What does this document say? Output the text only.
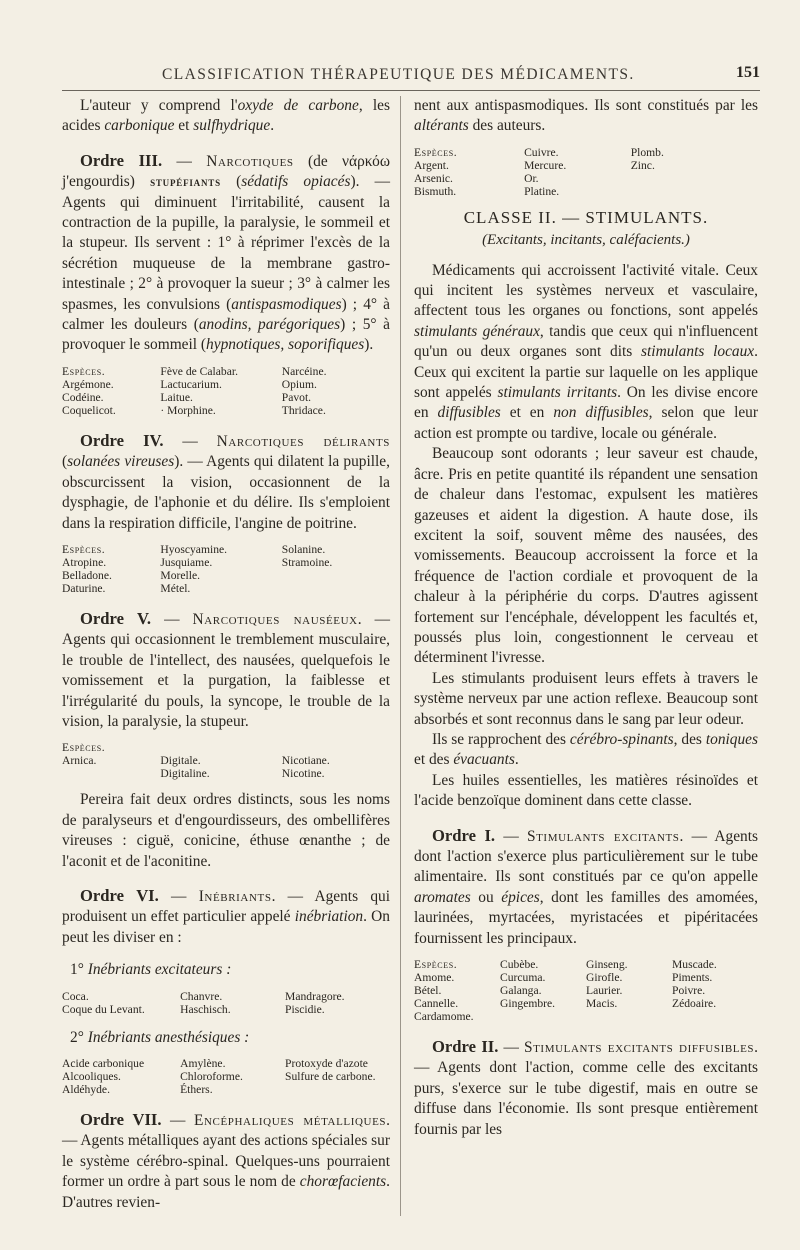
CLASSIFICATION THÉRAPEUTIQUE DES MÉDICAMENTS.	151

L'auteur y comprend l'oxyde de carbone, les acides carbonique et sulfhydrique.

Ordre III. — Narcotiques (de νάρκόω j'engourdis) stupéfiants (sédatifs opiacés). — Agents qui diminuent l'irritabilité, causent la contraction de la pupille, la paralysie, le sommeil et la stupeur. Ils servent : 1° à réprimer l'excès de la sécrétion muqueuse de la membrane gastro-intestinale ; 2° à provoquer la sueur ; 3° à calmer les spasmes, les convulsions (antispasmodiques) ; 4° à calmer les douleurs (anodins, parégoriques) ; 5° à provoquer le sommeil (hypnotiques, soporifiques).

Espèces.
Argémone.
Codéine.
Coquelicot.
Fève de Calabar.
Lactucarium.
Laitue.
· Morphine.
Narcéine.
Opium.
Pavot.
Thridace.

Ordre IV. — Narcotiques délirants (solanées vireuses). — Agents qui dilatent la pupille, obscurcissent la vision, occasionnent de la dysphagie, de l'aphonie et du délire. Ils s'emploient dans la respiration difficile, l'angine de poitrine.

Espèces.
Atropine.
Belladone.
Daturine.
Hyoscyamine.
Jusquiame.
Morelle.
Métel.
Solanine.
Stramoine.

Ordre V. — Narcotiques nauséeux. — Agents qui occasionnent le tremblement musculaire, le trouble de l'intellect, des nausées, quelquefois le vomissement et la purgation, la faiblesse et l'irrégularité du pouls, la syncope, le trouble de la vision, la paralysie, la stupeur.

Espèces.
Arnica.
	Digitale.
Digitaline.

Nicotiane.
Nicotine.

Pereira fait deux ordres distincts, sous les noms de paralyseurs et d'engourdisseurs, des ombellifères vireuses : ciguë, conicine, éthuse œnanthe ; de l'aconit et de l'aconitine.

Ordre VI. — Inébriants. — Agents qui produisent un effet particulier appelé inébriation. On peut les diviser en :

1° Inébriants excitateurs :

Coca.
Coque du Levant.
Chanvre.
Haschisch.
Mandragore.
Piscidie.

2° Inébriants anesthésiques :

Acide carbonique
Alcooliques.
Aldéhyde.
Amylène.
Chloroforme.
Éthers.
Protoxyde d'azote
Sulfure de carbone.

Ordre VII. — Encéphaliques métalliques. — Agents métalliques ayant des actions spéciales sur le système cérébro-spinal. Quelques-uns pourraient former un ordre à part sous le nom de chorœfacients. D'autres revien-

nent aux antispasmodiques. Ils sont constitués par les altérants des auteurs.

Espèces.
Argent.
Arsenic.
Bismuth.
Cuivre.
Mercure.
Or.
Platine.
Plomb.
Zinc.
CLASSE II. — STIMULANTS.
(Excitants, incitants, caléfacients.)

Médicaments qui accroissent l'activité vitale. Ceux qui incitent les systèmes nerveux et vasculaire, affectent tous les organes ou fonctions, sont appelés stimulants généraux, tandis que ceux qui n'influencent qu'un ou deux organes sont dits stimulants locaux. Ceux qui excitent la partie sur laquelle on les applique sont appelés stimulants irritants. On les divise encore en diffusibles et en non diffusibles, selon que leur action est prompte ou tardive, locale ou générale.

Beaucoup sont odorants ; leur saveur est chaude, âcre. Pris en petite quantité ils répandent une sensation de chaleur dans l'estomac, expulsent les matières gazeuses et aident la digestion. A haute dose, ils excitent la soif, souvent même des nausées, des vomissements. Beaucoup accroissent la force et la fréquence de l'action cordiale et provoquent de la chaleur à la périphérie du corps. D'autres agissent fortement sur l'encéphale, développent les facultés et, poussés plus loin, congestionnent le cerveau et déterminent l'ivresse.

Les stimulants produisent leurs effets à travers le système nerveux par une action reflexe. Beaucoup sont absorbés et sont reconnus dans le sang par leur odeur.

Ils se rapprochent des cérébro-spinants, des toniques et des évacuants.

Les huiles essentielles, les matières résinoïdes et l'acide benzoïque dominent dans cette classe.

Ordre I. — Stimulants excitants. — Agents dont l'action s'exerce plus particulièrement sur le tube alimentaire. Ils sont constitués par ce qu'on appelle aromates ou épices, dont les familles des amomées, laurinées, myrtacées, myristacées et pipéritacées fournissent les principaux.

Espèces.
Amome.
Bétel.
Cannelle.
Cardamome.
Cubèbe.
Curcuma.
Galanga.
Gingembre.
Ginseng.
Girofle.
Laurier.
Macis.
Muscade.
Piments.
Poivre.
Zédoaire.

Ordre II. — Stimulants excitants diffusibles. — Agents dont l'action, comme celle des excitants purs, s'exerce sur le tube digestif, mais en outre se diffuse dans l'économie. Ils sont presque entièrement fournis par les
